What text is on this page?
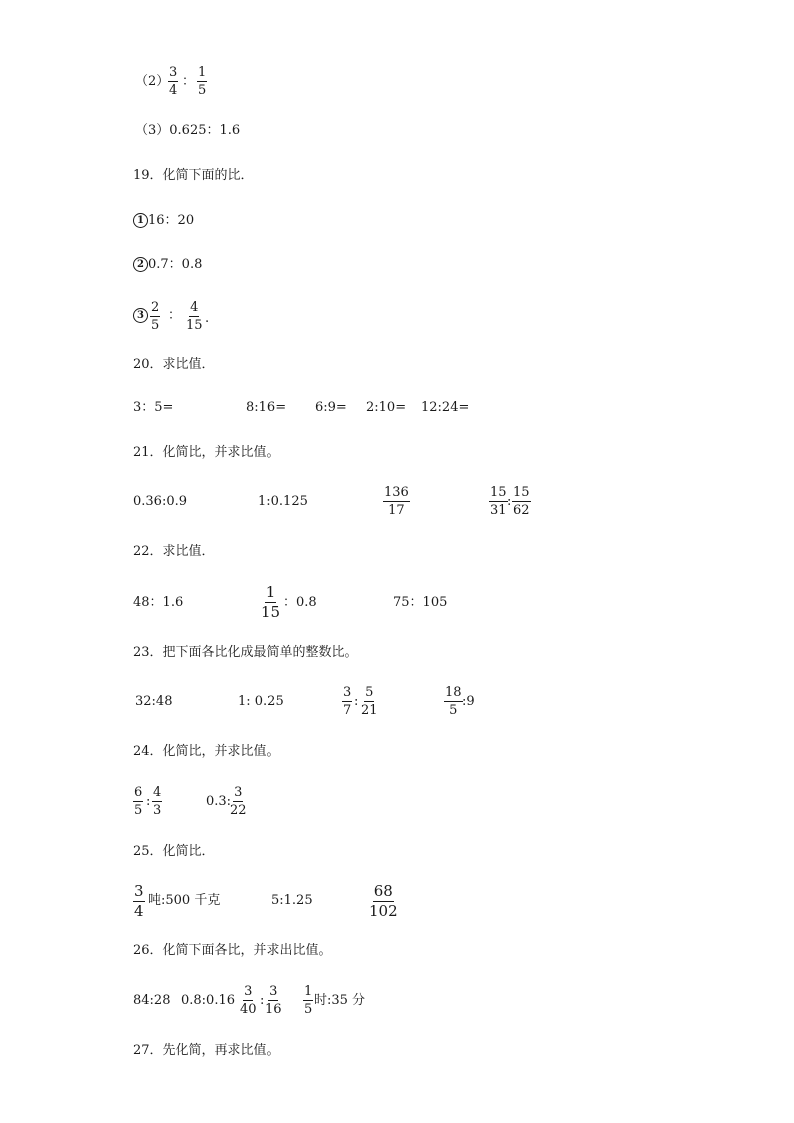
（2）
$\frac{3}{4}$ ： $\frac{1}{5}$
（3）0.625：1.6
19．化简下面的比．
1 16：20
2 0.7：0.8
$3 \frac{2}{5}$ ： $\frac{4}{15}$ .
20．求比值．
3：5=	8:16= 6:9= 2:10= 12:24=
21．化简比，并求比值。
0.36:0.9	1:0.125	$\frac{136}{17}$	$\frac{15}{31}$ : $\frac{15}{62}$
22．求比值．
48：1.6	$\frac{1}{15}$ ：0.8	75：105
23．把下面各比化成最简单的整数比。
32:48	1: 0.25	$\frac{3}{7}$ : $\frac{5}{21}$	$\frac{18}{5}$ :9
24．化简比，并求比值。
$\frac{6}{5}$ : $\frac{4}{3}$	0.3:
$\frac{3}{22}$
25．化简比．
$\frac{3}{4}$ 吨:500 千克	5:1.25	$\frac{68}{102}$
26．化简下面各比，并求出比值。
84:28 0.8:0.16 $\frac{3}{40}$ : $\frac{3}{16} \frac{1}{5}$ 时:35 分
27．先化简，再求比值。
